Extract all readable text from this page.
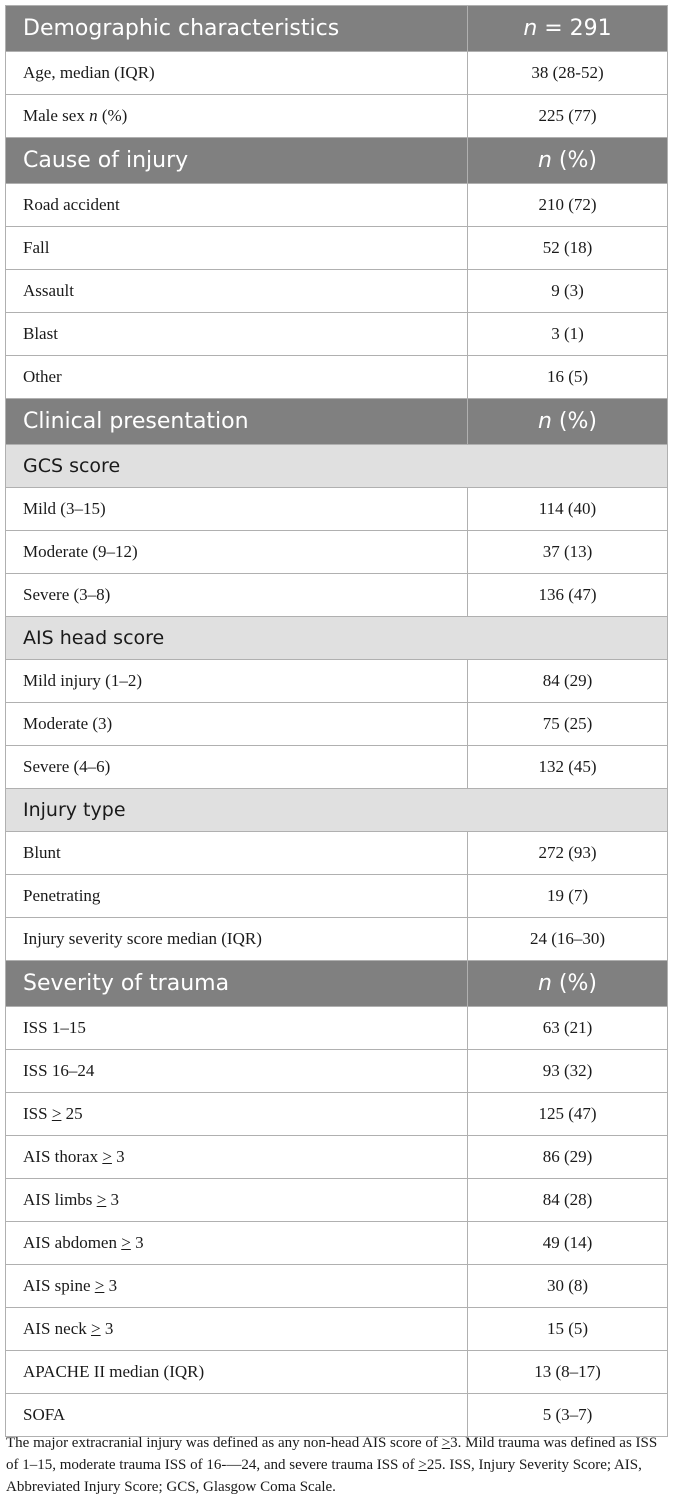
Demographic characteristics	n = 291
Age, median (IQR)	38 (28-52)
Male sex n (%)	225 (77)
Cause of injury	n (%)
Road accident	210 (72)
Fall	52 (18)
Assault	9 (3)
Blast	3 (1)
Other	16 (5)
Clinical presentation	n (%)
GCS score	
Mild (3–15)	114 (40)
Moderate (9–12)	37 (13)
Severe (3–8)	136 (47)
AIS head score	
Mild injury (1–2)	84 (29)
Moderate (3)	75 (25)
Severe (4–6)	132 (45)
Injury type	
Blunt	272 (93)
Penetrating	19 (7)
Injury severity score median (IQR)	24 (16–30)
Severity of trauma	n (%)
ISS 1–15	63 (21)
ISS 16–24	93 (32)
ISS ≥ 25	125 (47)
AIS thorax ≥ 3	86 (29)
AIS limbs ≥ 3	84 (28)
AIS abdomen ≥ 3	49 (14)
AIS spine ≥ 3	30 (8)
AIS neck ≥ 3	15 (5)
APACHE II median (IQR)	13 (8–17)
SOFA	5 (3–7)

The major extracranial injury was defined as any non-head AIS score of ≥3. Mild trauma was defined as ISS of 1–15, moderate trauma ISS of 16-—24, and severe trauma ISS of ≥25. ISS, Injury Severity Score; AIS, Abbreviated Injury Score; GCS, Glasgow Coma Scale.
